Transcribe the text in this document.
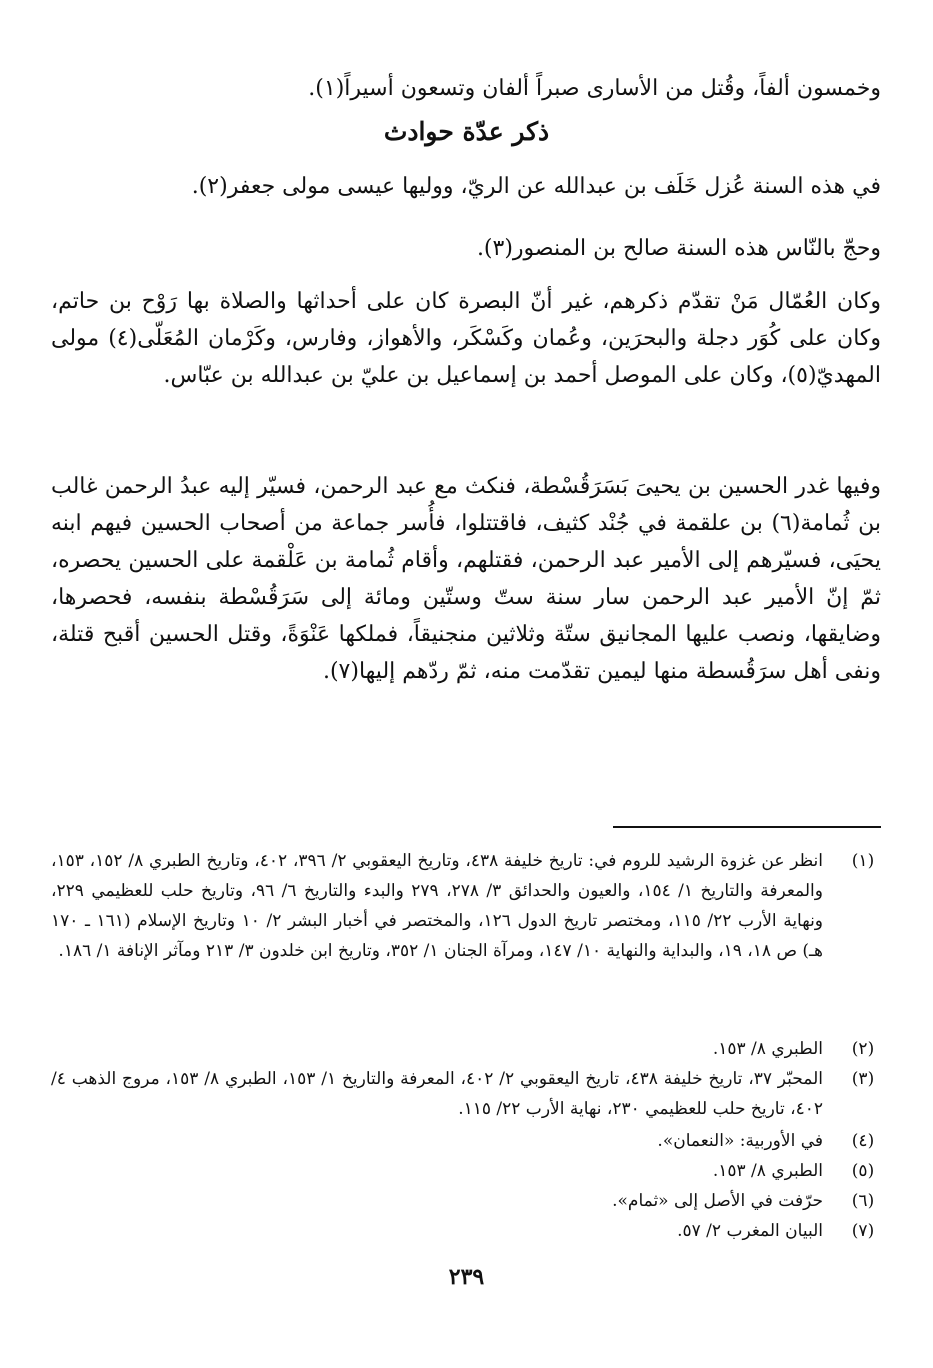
وخمسون ألفاً، وقُتل من الأسارى صبراً ألفان وتسعون أسيراً(١).

ذكر عدّة حوادث

في هذه السنة عُزل خَلَف بن عبدالله عن الريّ، ووليها عيسى مولى جعفر(٢).

وحجّ بالنّاس هذه السنة صالح بن المنصور(٣).

وكان العُمّال مَنْ تقدّم ذكرهم، غير أنّ البصرة كان على أحداثها والصلاة بها رَوْح بن حاتم، وكان على كُوَر دجلة والبحرَين، وعُمان وكَسْكَر، والأهواز، وفارس، وكَرْمان المُعَلّى(٤) مولى المهديّ(٥)، وكان على الموصل أحمد بن إسماعيل بن عليّ بن عبدالله بن عبّاس.

وفيها غدر الحسين بن يحيىَ بَسَرَقُسْطة، فنكث مع عبد الرحمن، فسيّر إليه عبدُ الرحمن غالب بن ثُمامة(٦) بن علقمة في جُنْد كثيف، فاقتتلوا، فأُسر جماعة من أصحاب الحسين فيهم ابنه يحيَى، فسيّرهم إلى الأمير عبد الرحمن، فقتلهم، وأقام ثُمامة بن عَلْقمة على الحسين يحصره، ثمّ إنّ الأمير عبد الرحمن سار سنة ستّ وستّين ومائة إلى سَرَقُسْطة بنفسه، فحصرها، وضايقها، ونصب عليها المجانيق ستّة وثلاثين منجنيقاً، فملكها عَنْوَةً، وقتل الحسين أقبح قتلة، ونفى أهل سرَقُسطة منها ليمين تقدّمت منه، ثمّ ردّهم إليها(٧).

(١)
انظر عن غزوة الرشيد للروم في: تاريخ خليفة ٤٣٨، وتاريخ اليعقوبي ٢/ ٣٩٦، ٤٠٢، وتاريخ الطبري ٨/ ١٥٢، ١٥٣، والمعرفة والتاريخ ١/ ١٥٤، والعيون والحدائق ٣/ ٢٧٨، ٢٧٩ والبدء والتاريخ ٦/ ٩٦، وتاريخ حلب للعظيمي ٢٢٩، ونهاية الأرب ٢٢/ ١١٥، ومختصر تاريخ الدول ١٢٦، والمختصر في أخبار البشر ٢/ ١٠ وتاريخ الإسلام (١٦١ ـ ١٧٠ هـ) ص ١٨، ١٩، والبداية والنهاية ١٠/ ١٤٧، ومرآة الجنان ١/ ٣٥٢، وتاريخ ابن خلدون ٣/ ٢١٣ ومآثر الإنافة ١/ ١٨٦.
(٢)
الطبري ٨/ ١٥٣.
(٣)
المحبّر ٣٧، تاريخ خليفة ٤٣٨، تاريخ اليعقوبي ٢/ ٤٠٢، المعرفة والتاريخ ١/ ١٥٣، الطبري ٨/ ١٥٣، مروج الذهب ٤/ ٤٠٢، تاريخ حلب للعظيمي ٢٣٠، نهاية الأرب ٢٢/ ١١٥.
(٤)
في الأوربية: «النعمان».
(٥)
الطبري ٨/ ١٥٣.
(٦)
حرّفت في الأصل إلى «ثمام».
(٧)
البيان المغرب ٢/ ٥٧.
٢٣٩
